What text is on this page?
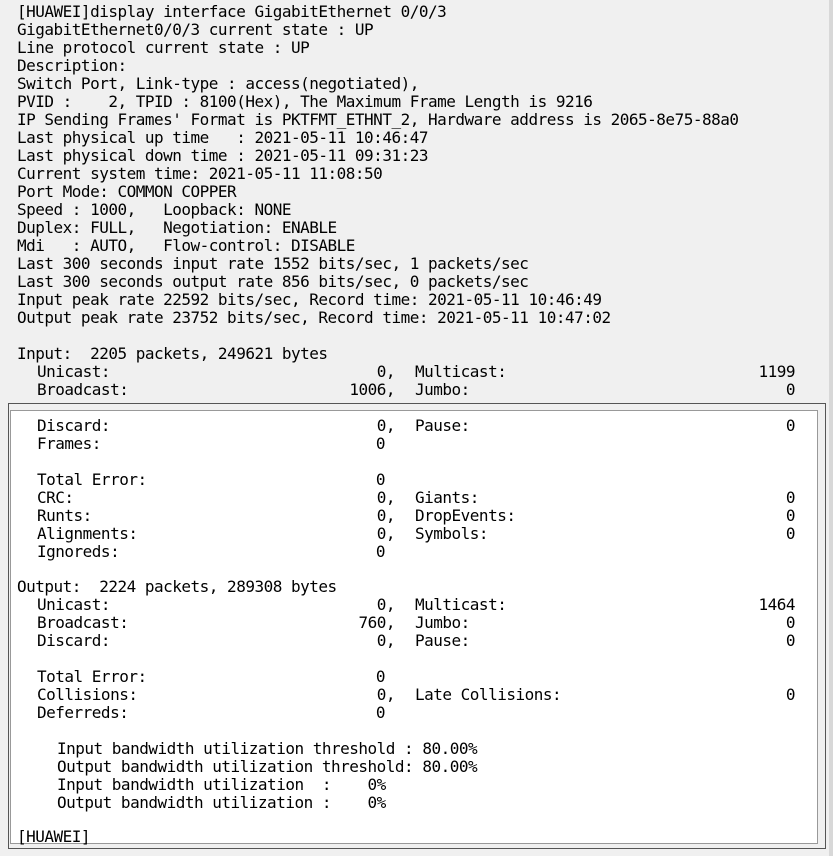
[HUAWEI]display interface GigabitEthernet 0/0/3
GigabitEthernet0/0/3 current state : UP
Line protocol current state : UP
Description:
Switch Port, Link-type : access(negotiated),
PVID :    2, TPID : 8100(Hex), The Maximum Frame Length is 9216
IP Sending Frames' Format is PKTFMT_ETHNT_2, Hardware address is 2065-8e75-88a0
Last physical up time   : 2021-05-11 10:46:47
Last physical down time : 2021-05-11 09:31:23
Current system time: 2021-05-11 11:08:50
Port Mode: COMMON COPPER
Speed : 1000,   Loopback: NONE
Duplex: FULL,   Negotiation: ENABLE
Mdi   : AUTO,   Flow-control: DISABLE
Last 300 seconds input rate 1552 bits/sec, 1 packets/sec
Last 300 seconds output rate 856 bits/sec, 0 packets/sec
Input peak rate 22592 bits/sec, Record time: 2021-05-11 10:46:49
Output peak rate 23752 bits/sec, Record time: 2021-05-11 10:47:02
Input:  2205 packets, 249621 bytes
Unicast:	0, Multicast:	1199
Broadcast:	1006, Jumbo:	0
Discard:	0, Pause:	0
Frames:	0
Total Error:	0
CRC:	0, Giants:	0
Runts:	0, DropEvents:	0
Alignments:	0, Symbols:	0
Ignoreds:	0
Output:  2224 packets, 289308 bytes
Unicast:	0, Multicast:	1464
Broadcast:	760, Jumbo:	0
Discard:	0, Pause:	0
Total Error:	0
Collisions:	0, Late Collisions:	0
Deferreds:	0
Input bandwidth utilization threshold : 80.00%
Output bandwidth utilization threshold: 80.00%
Input bandwidth utilization  :    0%
Output bandwidth utilization :    0%
[HUAWEI]
